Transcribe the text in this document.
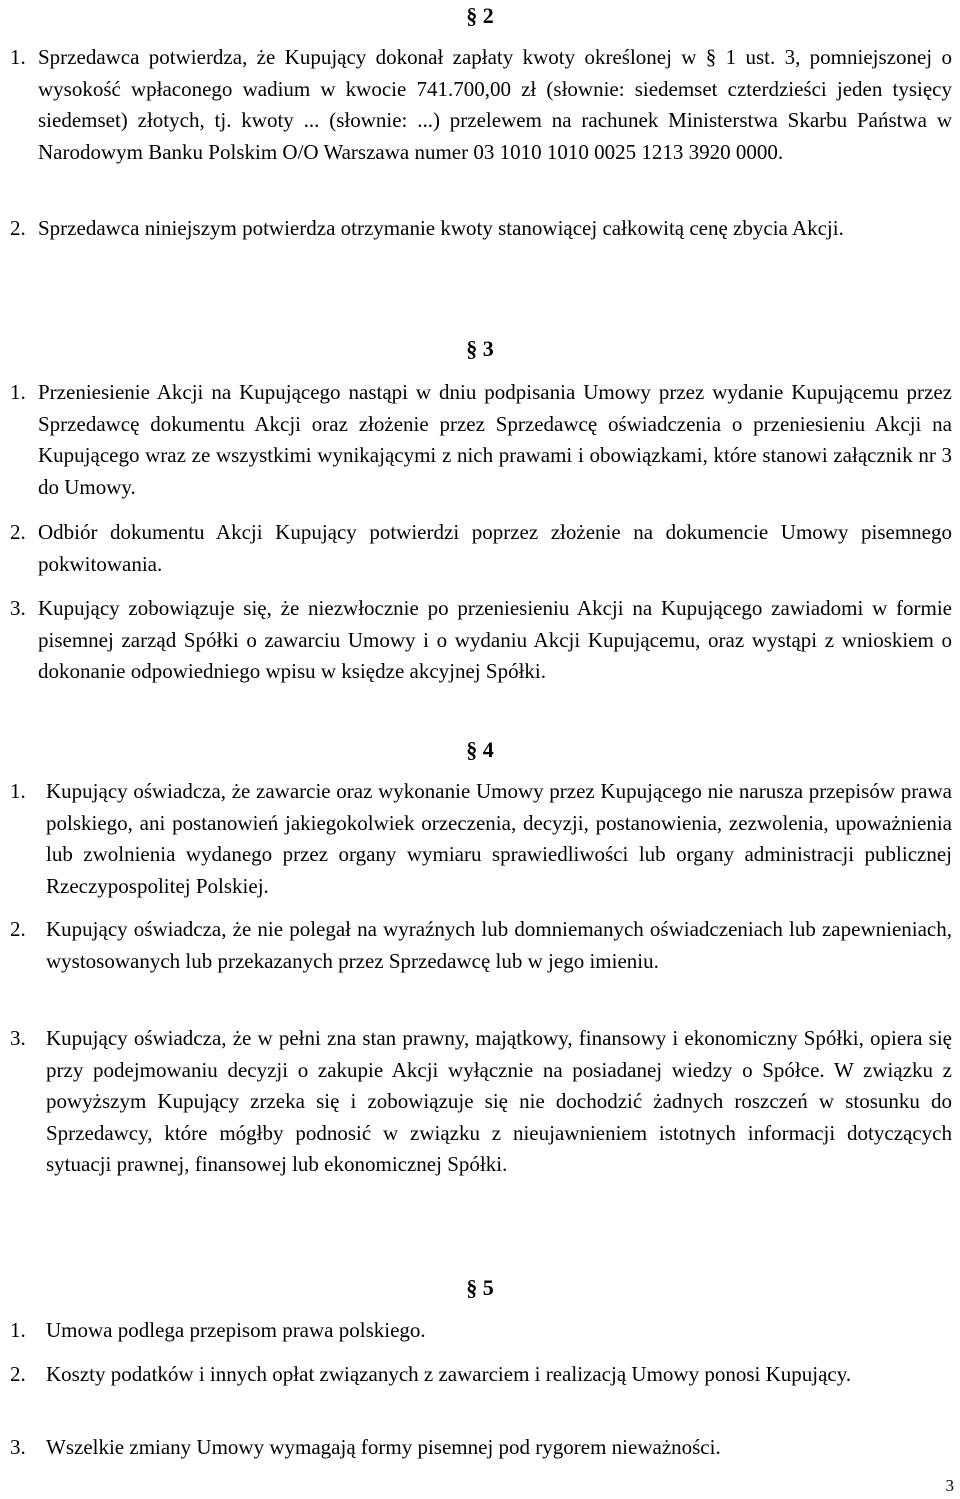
§ 2
1. Sprzedawca potwierdza, że Kupujący dokonał zapłaty kwoty określonej w § 1 ust. 3, pomniejszonej o wysokość wpłaconego wadium w kwocie 741.700,00 zł (słownie: siedemset czterdzieści jeden tysięcy siedemset) złotych, tj. kwoty ... (słownie: ...) przelewem na rachunek Ministerstwa Skarbu Państwa w Narodowym Banku Polskim O/O Warszawa numer 03 1010 1010 0025 1213 3920 0000.
2. Sprzedawca niniejszym potwierdza otrzymanie kwoty stanowiącej całkowitą cenę zbycia Akcji.
§ 3
1. Przeniesienie Akcji na Kupującego nastąpi w dniu podpisania Umowy przez wydanie Kupującemu przez Sprzedawcę dokumentu Akcji oraz złożenie przez Sprzedawcę oświadczenia o przeniesieniu Akcji na Kupującego wraz ze wszystkimi wynikającymi z nich prawami i obowiązkami, które stanowi załącznik nr 3 do Umowy.
2. Odbiór dokumentu Akcji Kupujący potwierdzi poprzez złożenie na dokumencie Umowy pisemnego pokwitowania.
3. Kupujący zobowiązuje się, że niezwłocznie po przeniesieniu Akcji na Kupującego zawiadomi w formie pisemnej zarząd Spółki o zawarciu Umowy i o wydaniu Akcji Kupującemu, oraz wystąpi z wnioskiem o dokonanie odpowiedniego wpisu w księdze akcyjnej Spółki.
§ 4
1. Kupujący oświadcza, że zawarcie oraz wykonanie Umowy przez Kupującego nie narusza przepisów prawa polskiego, ani postanowień jakiegokolwiek orzeczenia, decyzji, postanowienia, zezwolenia, upoważnienia lub zwolnienia wydanego przez organy wymiaru sprawiedliwości lub organy administracji publicznej Rzeczypospolitej Polskiej.
2. Kupujący oświadcza, że nie polegał na wyraźnych lub domniemanych oświadczeniach lub zapewnieniach, wystosowanych lub przekazanych przez Sprzedawcę lub w jego imieniu.
3. Kupujący oświadcza, że w pełni zna stan prawny, majątkowy, finansowy i ekonomiczny Spółki, opiera się przy podejmowaniu decyzji o zakupie Akcji wyłącznie na posiadanej wiedzy o Spółce. W związku z powyższym Kupujący zrzeka się i zobowiązuje się nie dochodzić żadnych roszczeń w stosunku do Sprzedawcy, które mógłby podnosić w związku z nieujawnieniem istotnych informacji dotyczących sytuacji prawnej, finansowej lub ekonomicznej Spółki.
§ 5
1. Umowa podlega przepisom prawa polskiego.
2. Koszty podatków i innych opłat związanych z zawarciem i realizacją Umowy ponosi Kupujący.
3. Wszelkie zmiany Umowy wymagają formy pisemnej pod rygorem nieważności.
3
